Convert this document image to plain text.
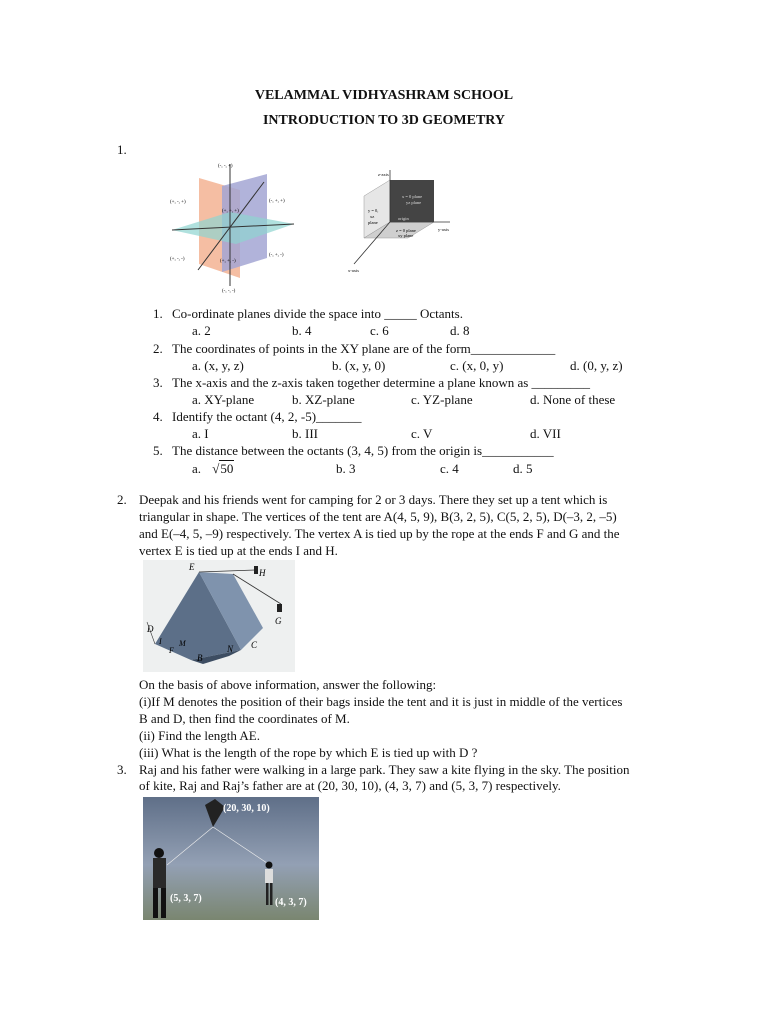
VELAMMAL VIDHYASHRAM SCHOOL
INTRODUCTION TO 3D GEOMETRY
1.
(-, -, +)
(+, -, +)
(+, +, +)
(-, +, +)
(+, -, -)	(+, +, -)
(-, +, -)
(-, -, -)
z-axis
x = 0 plane
yz plane
y = 0,
xz
plane
origin
z = 0 plane
xy plane
y-axis
x-axis
1. Co-ordinate planes divide the space into _____ Octants.
a. 2	b. 4	c. 6	d. 8
2. The coordinates of points in the XY plane are of the form_____________
a. (x, y, z)	b. (x, y, 0)	c. (x, 0, y)	d. (0, y, z)
3. The x-axis and the z-axis taken together determine a plane known as _________
a. XY-plane	b. XZ-plane	c. YZ-plane	d. None of these
4. Identify the octant (4, 2, -5)_______
a. I	b. III	c. V	d. VII
5. The distance between the octants (3, 4, 5) from the origin is___________
a. √50	b. 3	c. 4	d. 5
2. Deepak and his friends went for camping for 2 or 3 days. There they set up a tent which is
triangular in shape. The vertices of the tent are A(4, 5, 9), B(3, 2, 5), C(5, 2, 5), D(–3, 2, –5)
and E(–4, 5, –9) respectively. The vertex A is tied up by the rope at the ends F and G and the
vertex E is tied up at the ends I and H.
E
H
D
I
F
M
B
N C
G
On the basis of above information, answer the following:
(i)If M denotes the position of their bags inside the tent and it is just in middle of the vertices
B and D, then find the coordinates of M.
(ii) Find the length AE.
(iii) What is the length of the rope by which E is tied up with D ?
3. Raj and his father were walking in a large park. They saw a kite flying in the sky. The position
of kite, Raj and Raj’s father are at (20, 30, 10), (4, 3, 7) and (5, 3, 7) respectively.
(20, 30, 10)
(5, 3, 7)	(4, 3, 7)
